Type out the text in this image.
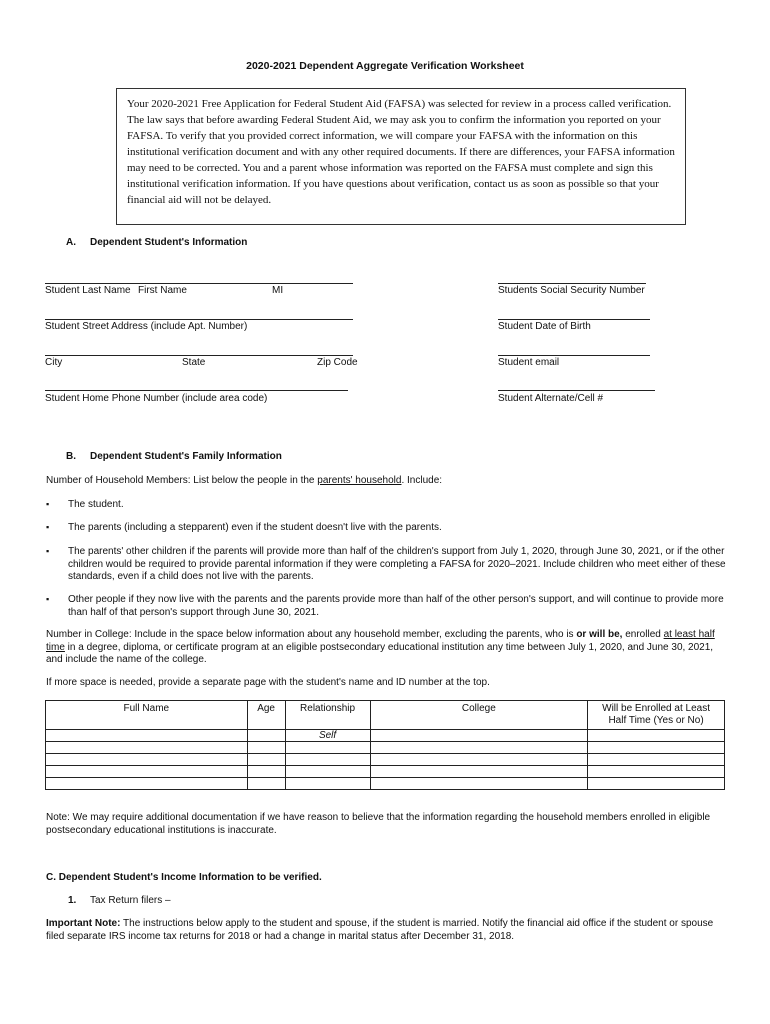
2020-2021 Dependent Aggregate Verification Worksheet
Your 2020-2021 Free Application for Federal Student Aid (FAFSA) was selected for review in a process called verification. The law says that before awarding Federal Student Aid, we may ask you to confirm the information you reported on your FAFSA. To verify that you provided correct information, we will compare your FAFSA with the information on this institutional verification document and with any other required documents. If there are differences, your FAFSA information may need to be corrected. You and a parent whose information was reported on the FAFSA must complete and sign this institutional verification information. If you have questions about verification, contact us as soon as possible so that your financial aid will not be delayed.
A. Dependent Student's Information
Student Last Name First Name	MI	Students Social Security Number
Student Street Address (include Apt. Number)	Student Date of Birth
City	State	Zip Code	Student email
Student Home Phone Number (include area code)	Student Alternate/Cell #
B. Dependent Student's Family Information
Number of Household Members: List below the people in the parents' household. Include:
▪ The student.
▪ The parents (including a stepparent) even if the student doesn't live with the parents.
▪ The parents' other children if the parents will provide more than half of the children's support from July 1, 2020, through June 30, 2021, or if the other children would be required to provide parental information if they were completing a FAFSA for 2020–2021. Include children who meet either of these standards, even if a child does not live with the parents.
▪ Other people if they now live with the parents and the parents provide more than half of the other person's support, and will continue to provide more than half of that person's support through June 30, 2021.
Number in College: Include in the space below information about any household member, excluding the parents, who is or will be, enrolled at least half time in a degree, diploma, or certificate program at an eligible postsecondary educational institution any time between July 1, 2020, and June 30, 2021, and include the name of the college.
If more space is needed, provide a separate page with the student's name and ID number at the top.
Full Name	Age	Relationship	College	Will be Enrolled at Least Half Time (Yes or No)
		Self		

Note: We may require additional documentation if we have reason to believe that the information regarding the household members enrolled in eligible postsecondary educational institutions is inaccurate.
C. Dependent Student's Income Information to be verified.
1. Tax Return filers –
Important Note: The instructions below apply to the student and spouse, if the student is married. Notify the financial aid office if the student or spouse filed separate IRS income tax returns for 2018 or had a change in marital status after December 31, 2018.
